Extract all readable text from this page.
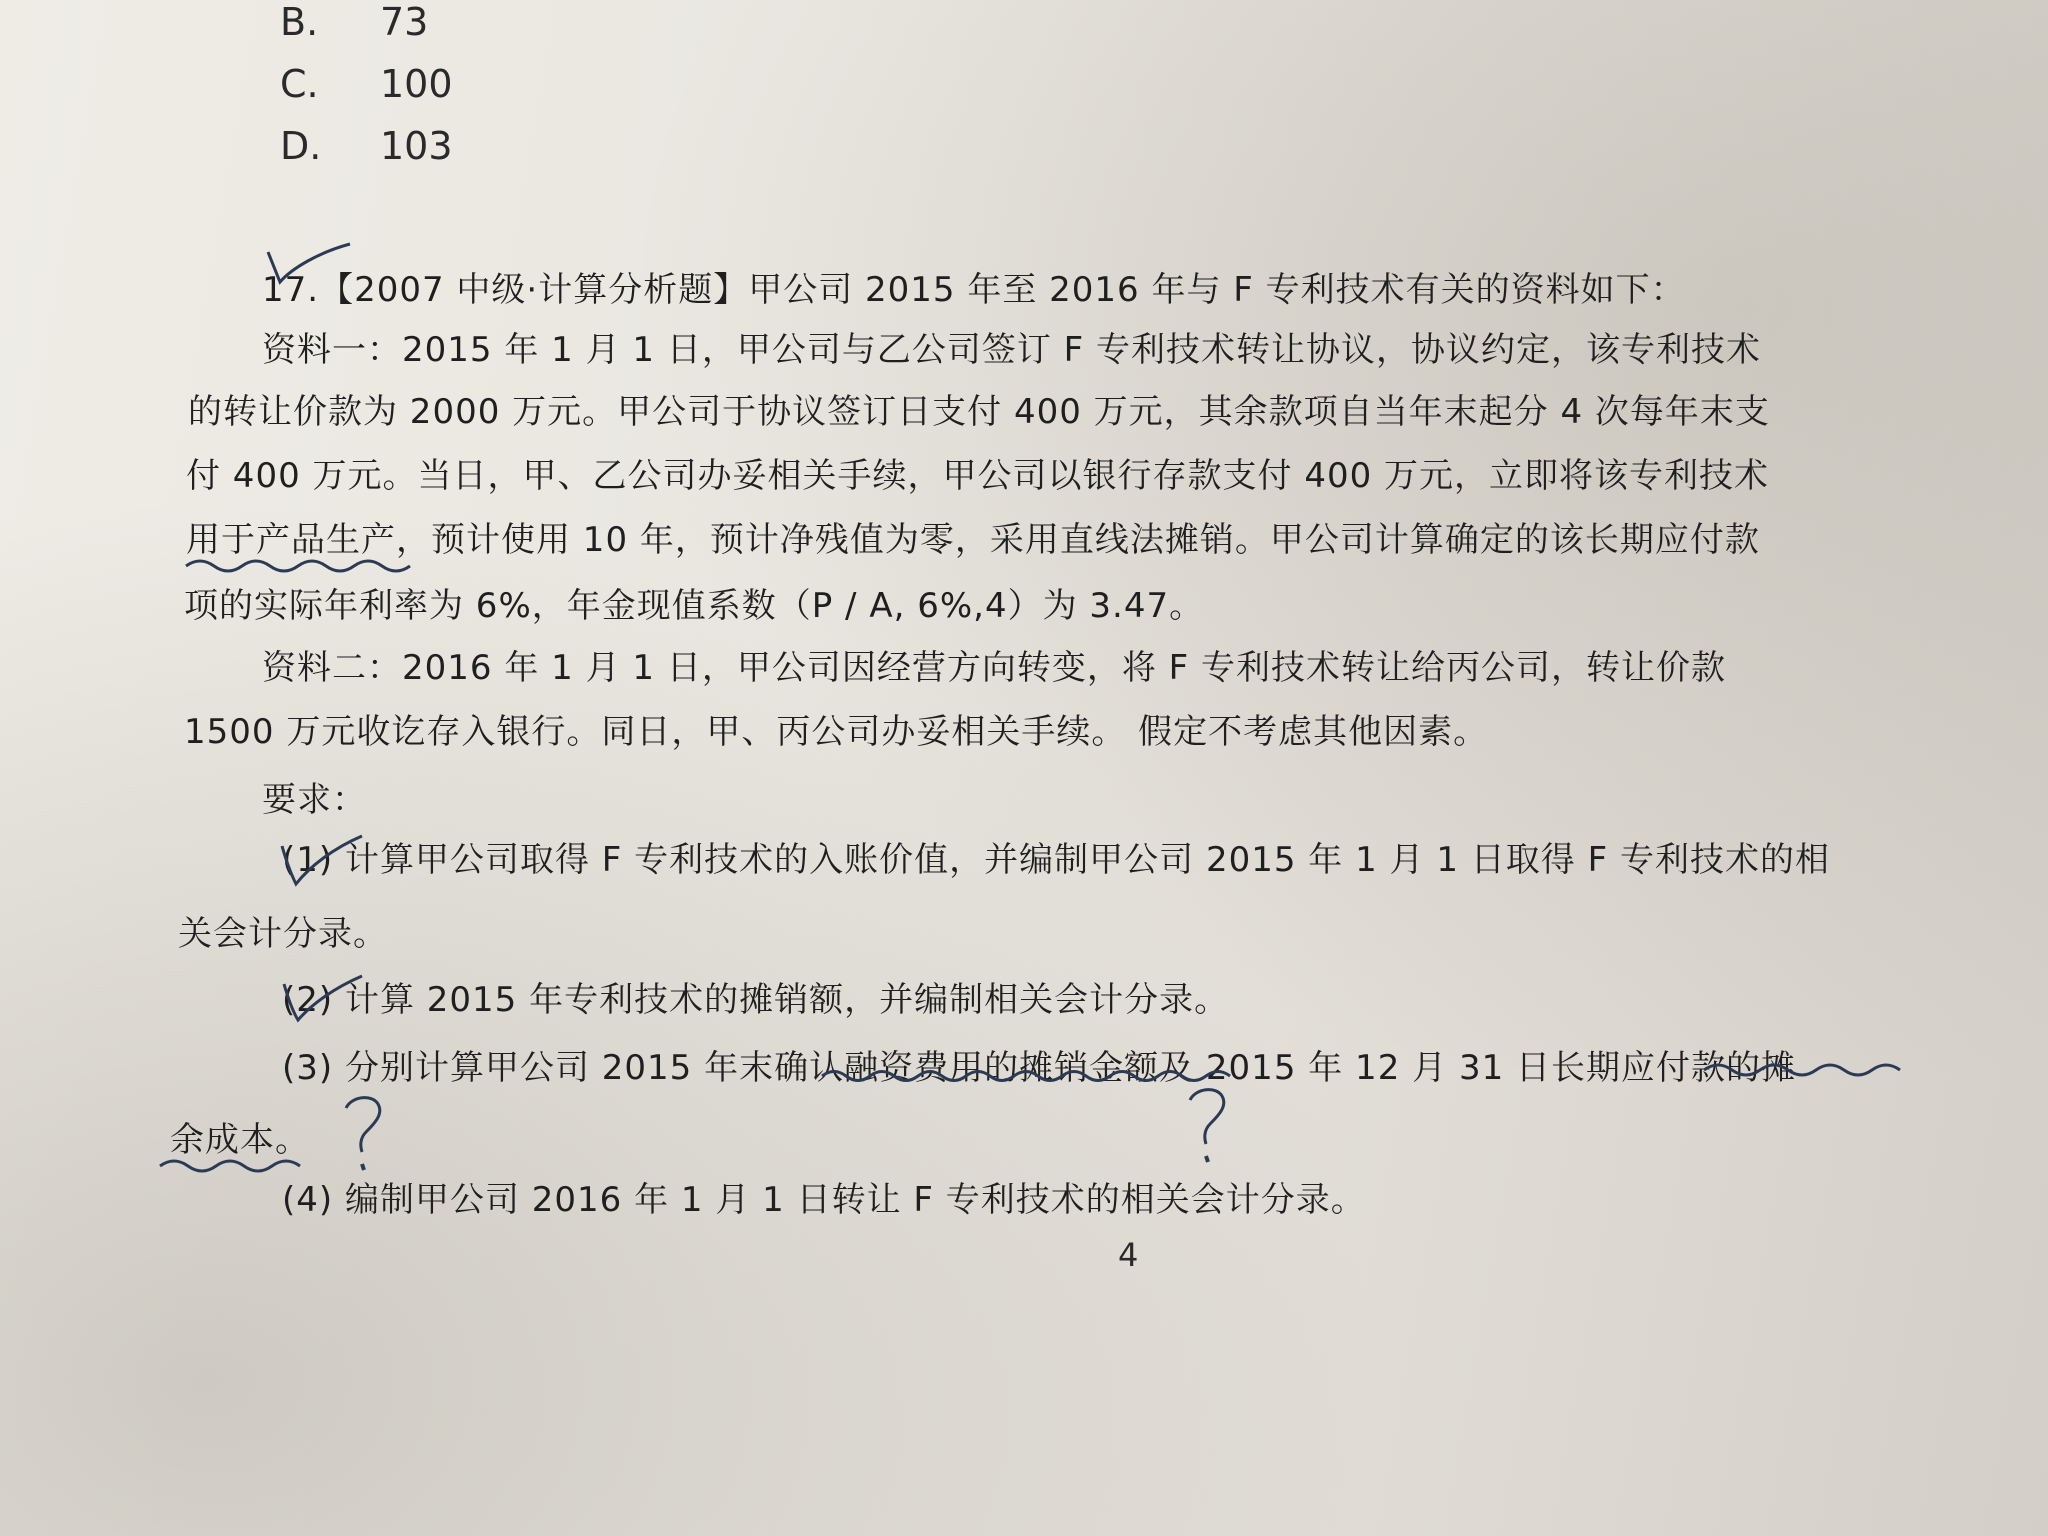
B. 73
C. 100
D. 103
17.【2007 中级·计算分析题】甲公司 2015 年至 2016 年与 F 专利技术有关的资料如下：
资料一：2015 年 1 月 1 日，甲公司与乙公司签订 F 专利技术转让协议，协议约定，该专利技术
的转让价款为 2000 万元。甲公司于协议签订日支付 400 万元，其余款项自当年末起分 4 次每年末支
付 400 万元。当日，甲、乙公司办妥相关手续，甲公司以银行存款支付 400 万元，立即将该专利技术
用于产品生产，预计使用 10 年，预计净残值为零，采用直线法摊销。甲公司计算确定的该长期应付款
项的实际年利率为 6%，年金现值系数（P / A, 6%,4）为 3.47。
资料二：2016 年 1 月 1 日，甲公司因经营方向转变，将 F 专利技术转让给丙公司，转让价款
1500 万元收讫存入银行。同日，甲、丙公司办妥相关手续。 假定不考虑其他因素。
要求：
(1) 计算甲公司取得 F 专利技术的入账价值，并编制甲公司 2015 年 1 月 1 日取得 F 专利技术的相
关会计分录。
(2) 计算 2015 年专利技术的摊销额，并编制相关会计分录。
(3) 分别计算甲公司 2015 年末确认融资费用的摊销金额及 2015 年 12 月 31 日长期应付款的摊
余成本。
(4) 编制甲公司 2016 年 1 月 1 日转让 F 专利技术的相关会计分录。
4
